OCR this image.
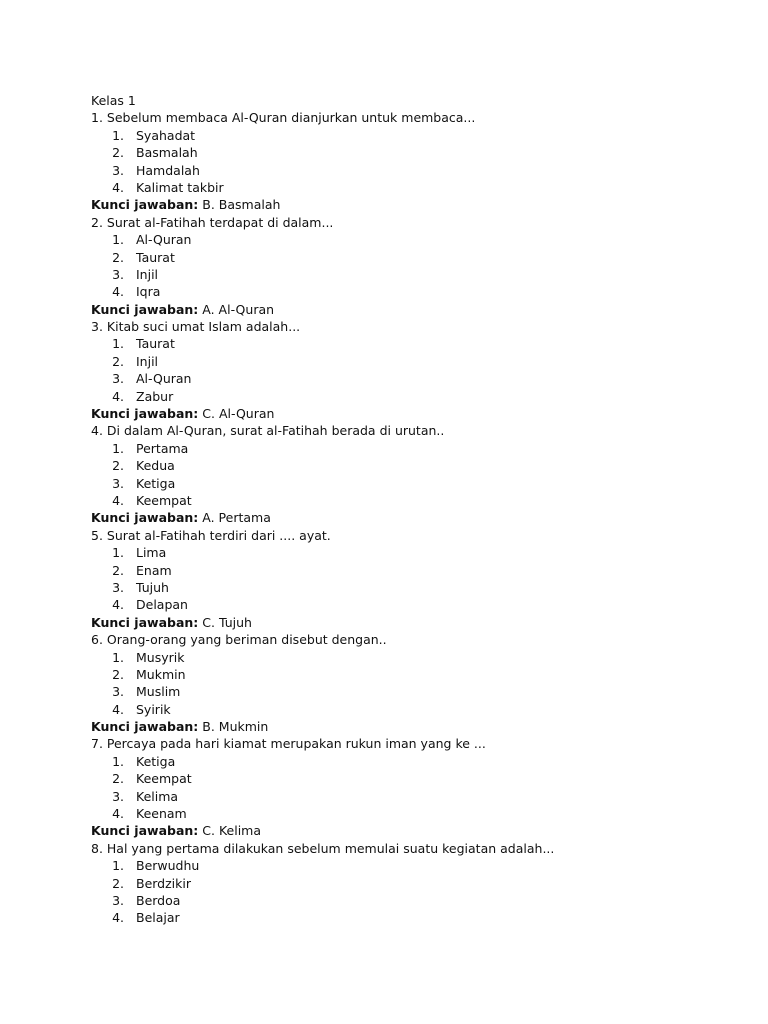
Kelas 1
1. Sebelum membaca Al-Quran dianjurkan untuk membaca...
1. Syahadat
2. Basmalah
3. Hamdalah
4. Kalimat takbir
Kunci jawaban: B. Basmalah
2. Surat al-Fatihah terdapat di dalam...
1. Al-Quran
2. Taurat
3. Injil
4. Iqra
Kunci jawaban: A. Al-Quran
3. Kitab suci umat Islam adalah...
1. Taurat
2. Injil
3. Al-Quran
4. Zabur
Kunci jawaban: C. Al-Quran
4. Di dalam Al-Quran, surat al-Fatihah berada di urutan..
1. Pertama
2. Kedua
3. Ketiga
4. Keempat
Kunci jawaban: A. Pertama
5. Surat al-Fatihah terdiri dari .... ayat.
1. Lima
2. Enam
3. Tujuh
4. Delapan
Kunci jawaban: C. Tujuh
6. Orang-orang yang beriman disebut dengan..
1. Musyrik
2. Mukmin
3. Muslim
4. Syirik
Kunci jawaban: B. Mukmin
7. Percaya pada hari kiamat merupakan rukun iman yang ke ...
1. Ketiga
2. Keempat
3. Kelima
4. Keenam
Kunci jawaban: C. Kelima
8. Hal yang pertama dilakukan sebelum memulai suatu kegiatan adalah...
1. Berwudhu
2. Berdzikir
3. Berdoa
4. Belajar
